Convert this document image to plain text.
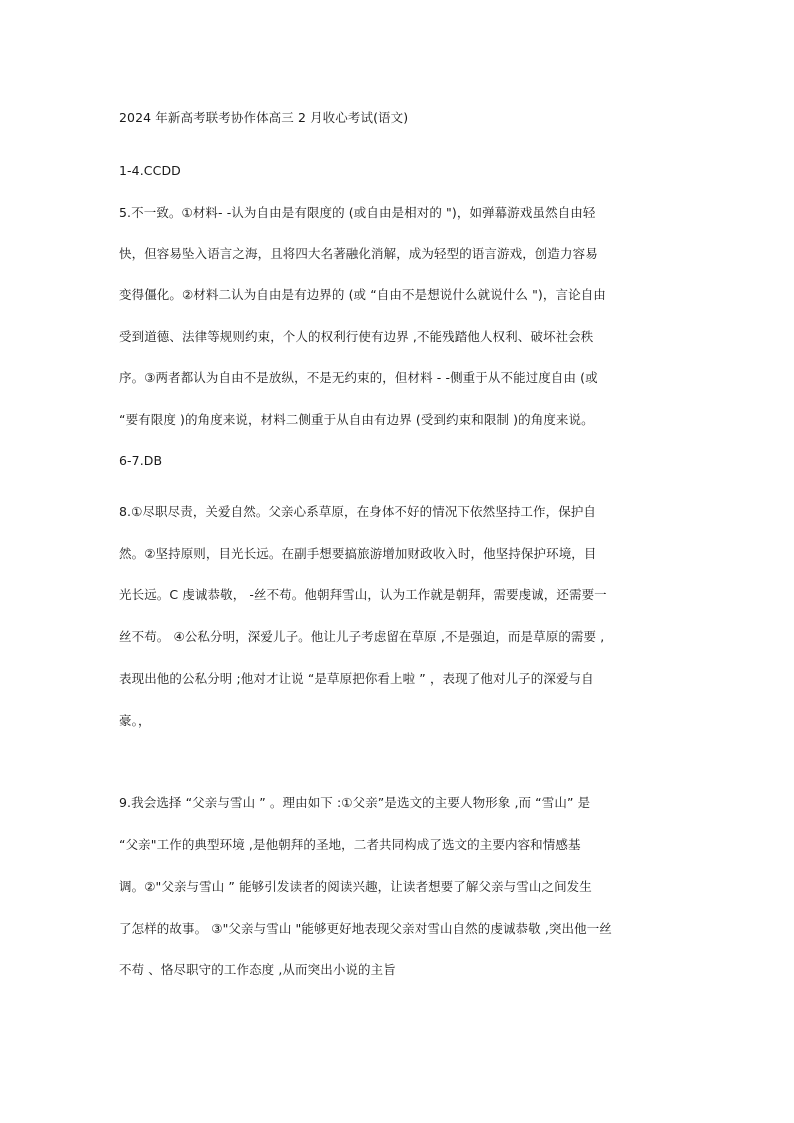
2024 年新高考联考协作体高三 2 月收心考试(语文)
1-4.CCDD
5.不一致。①材料- -认为自由是有限度的 (或自由是相对的 ")，如弹幕游戏虽然自由轻
快，但容易坠入语言之海，且将四大名著融化消解，成为轻型的语言游戏，创造力容易
变得僵化。②材料二认为自由是有边界的 (或 “自由不是想说什么就说什么 ")，言论自由
受到道德、法律等规则约束，个人的权利行使有边界 ,不能残踏他人权利、破坏社会秩
序。③两者都认为自由不是放纵，不是无约束的，但材料 - -侧重于从不能过度自由 (或
“要有限度 )的角度来说，材料二侧重于从自由有边界 (受到约束和限制 )的角度来说。
6-7.DB
8.①尽职尽责，关爱自然。父亲心系草原，在身体不好的情况下依然坚持工作，保护自
然。②坚持原则，目光长远。在副手想要搞旅游增加财政收入时，他坚持保护环境，目
光长远。C 虔诚恭敬， -丝不苟。他朝拜雪山，认为工作就是朝拜，需要虔诚，还需要一
丝不苟。 ④公私分明，深爱儿子。他让儿子考虑留在草原 ,不是强迫，而是草原的需要 ,
表现出他的公私分明 ;他对才让说 “是草原把你看上啦 ” ，表现了他对儿子的深爱与自
豪。，
9.我会选择 “父亲与雪山 ” 。理由如下 :①父亲”是选文的主要人物形象 ,而 “雪山” 是
“父亲"工作的典型环境 ,是他朝拜的圣地，二者共同构成了选文的主要内容和情感基
调。②"父亲与雪山 ” 能够引发读者的阅读兴趣，让读者想要了解父亲与雪山之间发生
了怎样的故事。 ③"父亲与雪山 "能够更好地表现父亲对雪山自然的虔诚恭敬 ,突出他一丝
不苟 、恪尽职守的工作态度 ,从而突出小说的主旨
